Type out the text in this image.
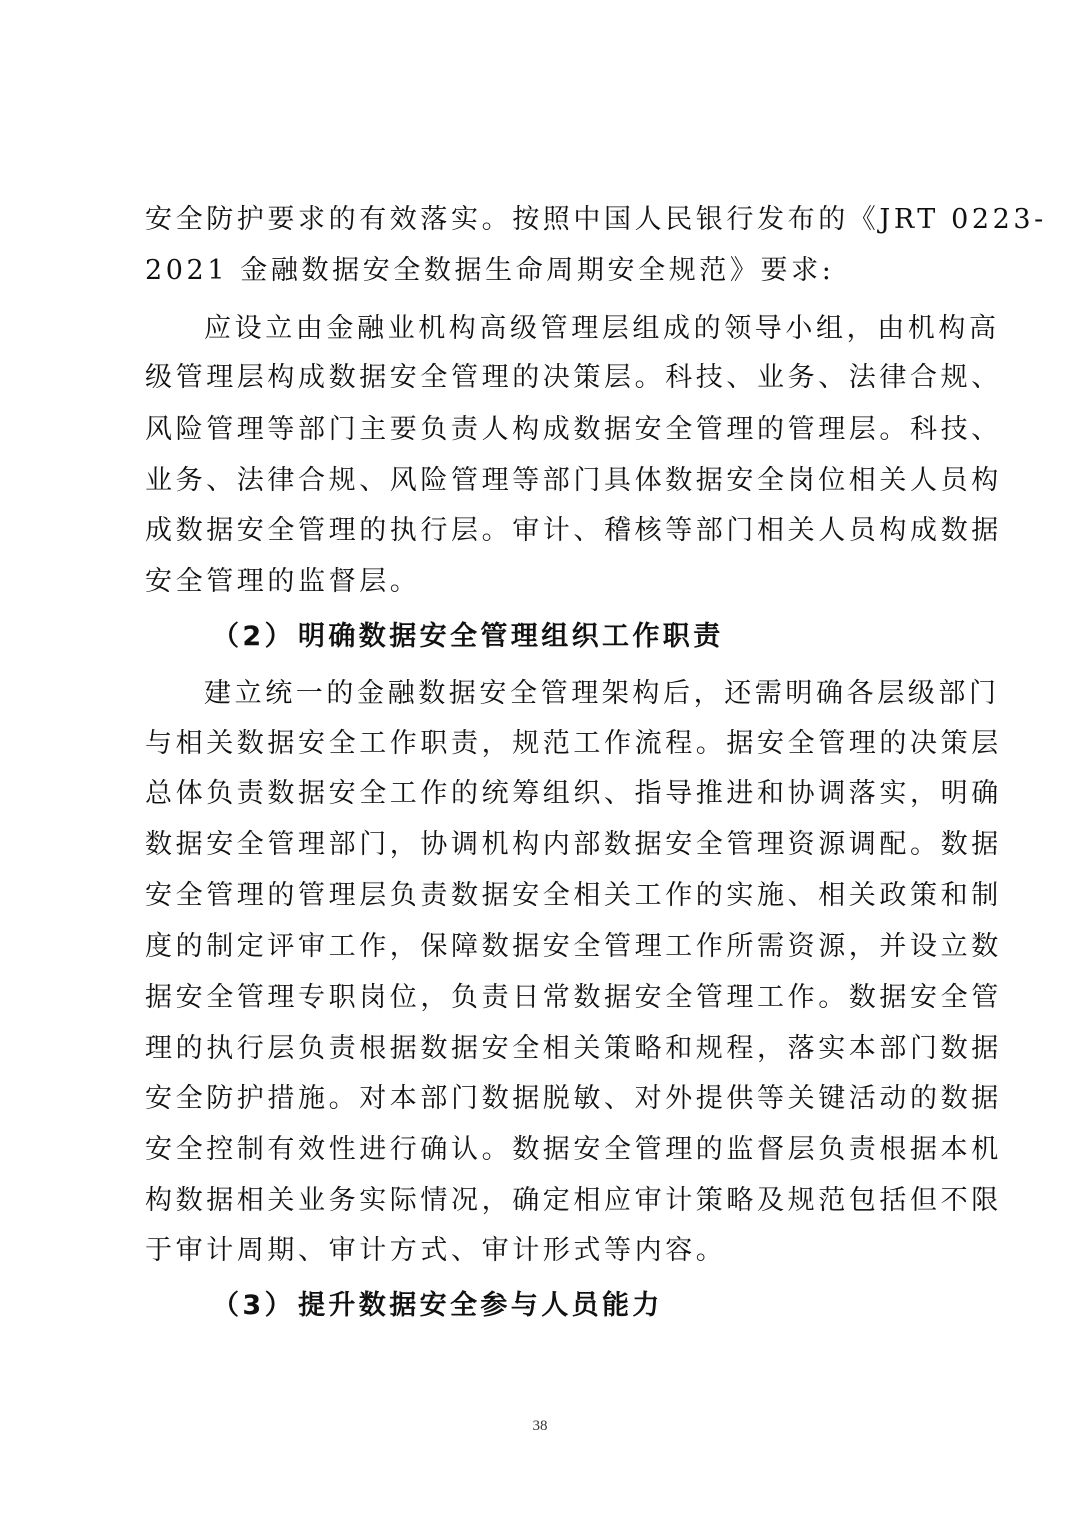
安全防护要求的有效落实。按照中国人民银行发布的《JRT 0223-
2021 金融数据安全数据生命周期安全规范》要求:
应设立由金融业机构高级管理层组成的领导小组，由机构高
级管理层构成数据安全管理的决策层。科技、业务、法律合规、
风险管理等部门主要负责人构成数据安全管理的管理层。科技、
业务、法律合规、风险管理等部门具体数据安全岗位相关人员构
成数据安全管理的执行层。审计、稽核等部门相关人员构成数据
安全管理的监督层。
（2） 明确数据安全管理组织工作职责
建立统一的金融数据安全管理架构后，还需明确各层级部门
与相关数据安全工作职责，规范工作流程。据安全管理的决策层
总体负责数据安全工作的统筹组织、指导推进和协调落实，明确
数据安全管理部门，协调机构内部数据安全管理资源调配。数据
安全管理的管理层负责数据安全相关工作的实施、相关政策和制
度的制定评审工作，保障数据安全管理工作所需资源，并设立数
据安全管理专职岗位，负责日常数据安全管理工作。数据安全管
理的执行层负责根据数据安全相关策略和规程，落实本部门数据
安全防护措施。对本部门数据脱敏、对外提供等关键活动的数据
安全控制有效性进行确认。数据安全管理的监督层负责根据本机
构数据相关业务实际情况，确定相应审计策略及规范包括但不限
于审计周期、审计方式、审计形式等内容。
（3） 提升数据安全参与人员能力
38
